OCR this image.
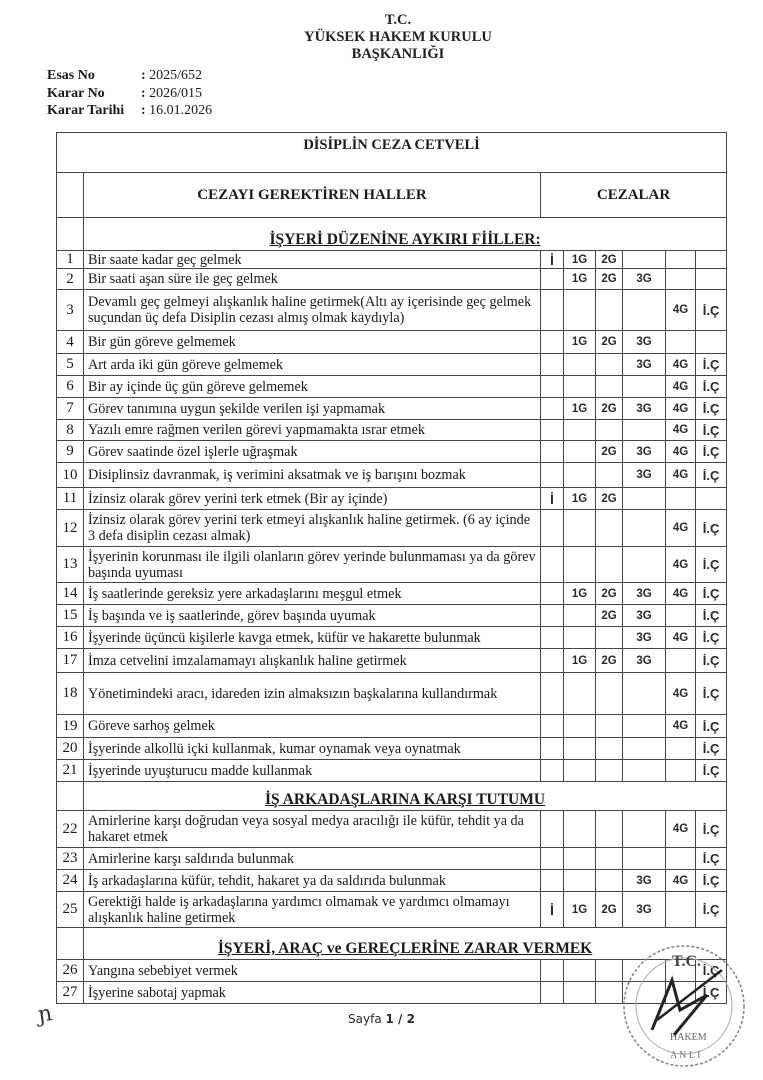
T.C.
YÜKSEK HAKEM KURULU
BAŞKANLIĞI
Esas No	: 2025/652
Karar No	: 2026/015
Karar Tarihi	: 16.01.2026
DİSİPLİN CEZA CETVELİ							
	CEZAYI GEREKTİREN HALLER	CEZALAR					
	İŞYERİ DÜZENİNE AYKIRI FİİLLER:						
1	Bir saate kadar geç gelmek	İ	1G	2G			
2	Bir saati aşan süre ile geç gelmek		1G	2G	3G		
3	Devamlı geç gelmeyi alışkanlık haline getirmek(Altı ay içerisinde geç gelmek suçundan üç defa Disiplin cezası almış olmak kaydıyla)					4G	İ.Ç
4	Bir gün göreve gelmemek		1G	2G	3G		
5	Art arda iki gün göreve gelmemek				3G	4G	İ.Ç
6	Bir ay içinde üç gün göreve gelmemek					4G	İ.Ç
7	Görev tanımına uygun şekilde verilen işi yapmamak		1G	2G	3G	4G	İ.Ç
8	Yazılı emre rağmen verilen görevi yapmamakta ısrar etmek					4G	İ.Ç
9	Görev saatinde özel işlerle uğraşmak			2G	3G	4G	İ.Ç
10	Disiplinsiz davranmak, iş verimini aksatmak ve iş barışını bozmak				3G	4G	İ.Ç
11	İzinsiz olarak görev yerini terk etmek (Bir ay içinde)	İ	1G	2G			
12	İzinsiz olarak görev yerini terk etmeyi alışkanlık haline getirmek. (6 ay içinde 3 defa disiplin cezası almak)					4G	İ.Ç
13	İşyerinin korunması ile ilgili olanların görev yerinde bulunmaması ya da görev başında uyuması					4G	İ.Ç
14	İş saatlerinde gereksiz yere arkadaşlarını meşgul etmek		1G	2G	3G	4G	İ.Ç
15	İş başında ve iş saatlerinde, görev başında uyumak			2G	3G		İ.Ç
16	İşyerinde üçüncü kişilerle kavga etmek, küfür ve hakarette bulunmak				3G	4G	İ.Ç
17	İmza cetvelini imzalamamayı alışkanlık haline getirmek		1G	2G	3G		İ.Ç
18	Yönetimindeki aracı, idareden izin almaksızın başkalarına kullandırmak					4G	İ.Ç
19	Göreve sarhoş gelmek					4G	İ.Ç
20	İşyerinde alkollü içki kullanmak, kumar oynamak veya oynatmak						İ.Ç
21	İşyerinde uyuşturucu madde kullanmak						İ.Ç
	İŞ ARKADAŞLARINA KARŞI TUTUMU						
22	Amirlerine karşı doğrudan veya sosyal medya aracılığı ile küfür, tehdit ya da hakaret etmek					4G	İ.Ç
23	Amirlerine karşı saldırıda bulunmak						İ.Ç
24	İş arkadaşlarına küfür, tehdit, hakaret ya da saldırıda bulunmak				3G	4G	İ.Ç
25	Gerektiği halde iş arkadaşlarına yardımcı olmamak ve yardımcı olmamayı alışkanlık haline getirmek	İ	1G	2G	3G		İ.Ç
	İŞYERİ, ARAÇ ve GEREÇLERİNE ZARAR VERMEK						
26	Yangına sebebiyet vermek						İ.Ç
27	İşyerine sabotaj yapmak						İ.Ç
ɲ
T.C.
HAKEM
A N L I
Sayfa 1 / 2
